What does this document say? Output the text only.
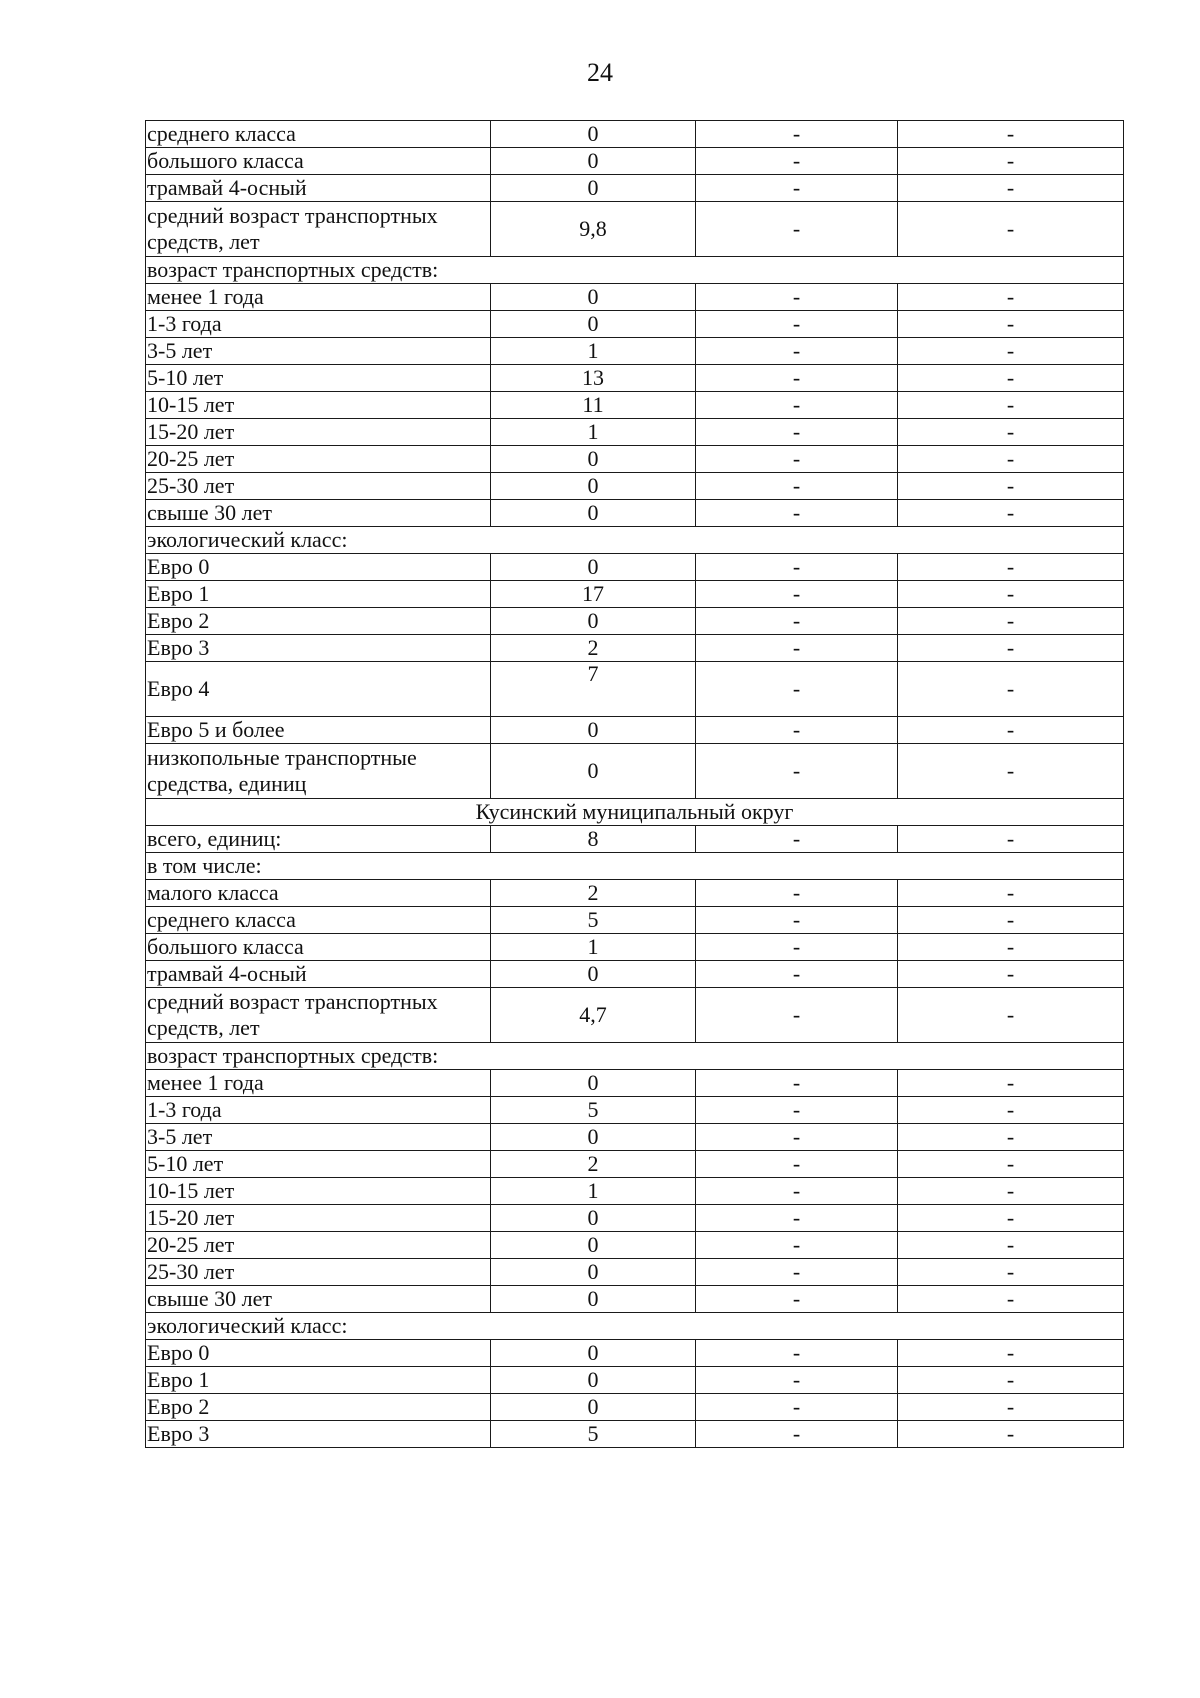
24
среднего класса	0	-	-
большого класса	0	-	-
трамвай 4-осный	0	-	-
средний возраст транспортных средств, лет	9,8	-	-
возраст транспортных средств:			
менее 1 года	0	-	-
1-3 года	0	-	-
3-5 лет	1	-	-
5-10 лет	13	-	-
10-15 лет	11	-	-
15-20 лет	1	-	-
20-25 лет	0	-	-
25-30 лет	0	-	-
свыше 30 лет	0	-	-
экологический класс:			
Евро 0	0	-	-
Евро 1	17	-	-
Евро 2	0	-	-
Евро 3	2	-	-
Евро 4	7	-	-
Евро 5 и более	0	-	-
низкопольные транспортные средства, единиц	0	-	-
Кусинский муниципальный округ			
всего, единиц:	8	-	-
в том числе:			
малого класса	2	-	-
среднего класса	5	-	-
большого класса	1	-	-
трамвай 4-осный	0	-	-
средний возраст транспортных средств, лет	4,7	-	-
возраст транспортных средств:			
менее 1 года	0	-	-
1-3 года	5	-	-
3-5 лет	0	-	-
5-10 лет	2	-	-
10-15 лет	1	-	-
15-20 лет	0	-	-
20-25 лет	0	-	-
25-30 лет	0	-	-
свыше 30 лет	0	-	-
экологический класс:			
Евро 0	0	-	-
Евро 1	0	-	-
Евро 2	0	-	-
Евро 3	5	-	-
